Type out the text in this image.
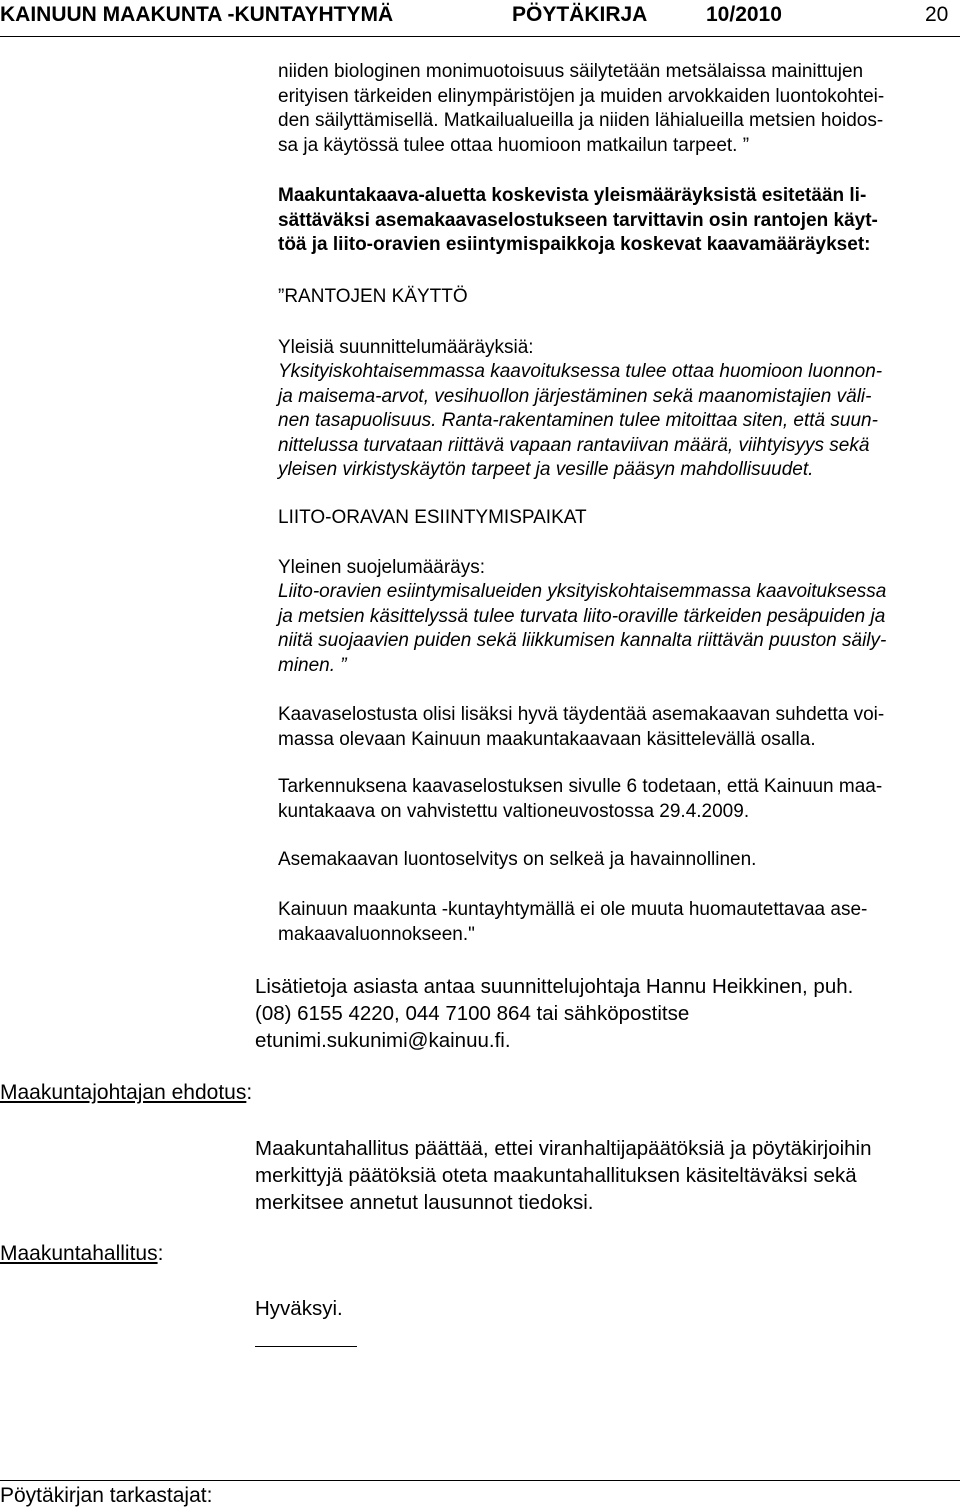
KAINUUN MAAKUNTA -KUNTAYHTYMÄ	PÖYTÄKIRJA	10/2010	20
niiden biologinen monimuotoisuus säilytetään metsälaissa mainittujen
erityisen tärkeiden elinympäristöjen ja muiden arvokkaiden luontokohtei-
den säilyttämisellä. Matkailualueilla ja niiden lähialueilla metsien hoidos-
sa ja käytössä tulee ottaa huomioon matkailun tarpeet. ”
Maakuntakaava-aluetta koskevista yleismääräyksistä esitetään li-
sättäväksi asemakaavaselostukseen tarvittavin osin rantojen käyt-
töä ja liito-oravien esiintymispaikkoja koskevat kaavamääräykset:
”RANTOJEN KÄYTTÖ
Yleisiä suunnittelumääräyksiä:
Yksityiskohtaisemmassa kaavoituksessa tulee ottaa huomioon luonnon-
ja maisema-arvot, vesihuollon järjestäminen sekä maanomistajien väli-
nen tasapuolisuus. Ranta-rakentaminen tulee mitoittaa siten, että suun-
nittelussa turvataan riittävä vapaan rantaviivan määrä, viihtyisyys sekä
yleisen virkistyskäytön tarpeet ja vesille pääsyn mahdollisuudet.
LIITO-ORAVAN ESIINTYMISPAIKAT
Yleinen suojelumääräys:
Liito-oravien esiintymisalueiden yksityiskohtaisemmassa kaavoituksessa
ja metsien käsittelyssä tulee turvata liito-oraville tärkeiden pesäpuiden ja
niitä suojaavien puiden sekä liikkumisen kannalta riittävän puuston säily-
minen. ”
Kaavaselostusta olisi lisäksi hyvä täydentää asemakaavan suhdetta voi-
massa olevaan Kainuun maakuntakaavaan käsittelevällä osalla.
Tarkennuksena kaavaselostuksen sivulle 6 todetaan, että Kainuun maa-
kuntakaava on vahvistettu valtioneuvostossa 29.4.2009.
Asemakaavan luontoselvitys on selkeä ja havainnollinen.
Kainuun maakunta -kuntayhtymällä ei ole muuta huomautettavaa ase-
makaavaluonnokseen."
Lisätietoja asiasta antaa suunnittelujohtaja Hannu Heikkinen, puh.
(08) 6155 4220, 044 7100 864 tai sähköpostitse
etunimi.sukunimi@kainuu.fi.
Maakuntajohtajan ehdotus:
Maakuntahallitus päättää, ettei viranhaltijapäätöksiä ja pöytäkirjoihin
merkittyjä päätöksiä oteta maakuntahallituksen käsiteltäväksi sekä
merkitsee annetut lausunnot tiedoksi.
Maakuntahallitus:
Hyväksyi.
Pöytäkirjan tarkastajat:
